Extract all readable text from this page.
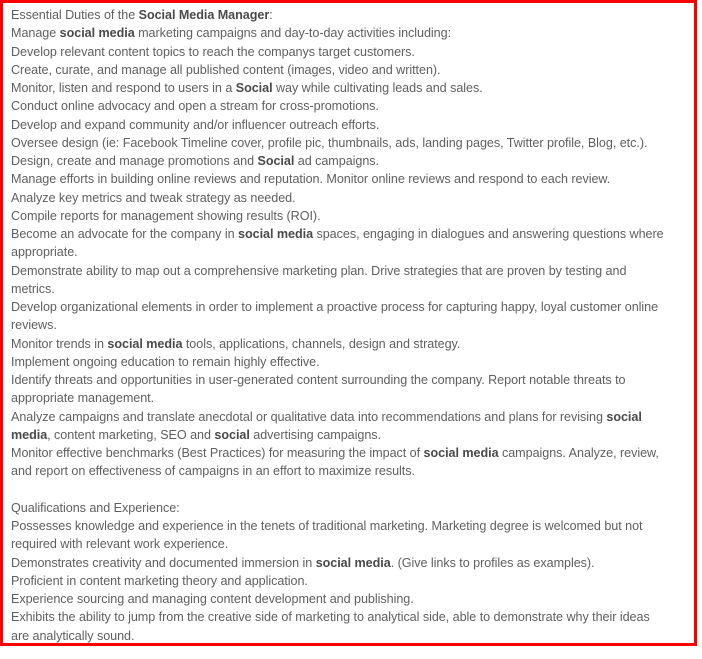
Essential Duties of the Social Media Manager:
Manage social media marketing campaigns and day-to-day activities including:
Develop relevant content topics to reach the companys target customers.
Create, curate, and manage all published content (images, video and written).
Monitor, listen and respond to users in a Social way while cultivating leads and sales.
Conduct online advocacy and open a stream for cross-promotions.
Develop and expand community and/or influencer outreach efforts.
Oversee design (ie: Facebook Timeline cover, profile pic, thumbnails, ads, landing pages, Twitter profile, Blog, etc.).
Design, create and manage promotions and Social ad campaigns.
Manage efforts in building online reviews and reputation. Monitor online reviews and respond to each review.
Analyze key metrics and tweak strategy as needed.
Compile reports for management showing results (ROI).
Become an advocate for the company in social media spaces, engaging in dialogues and answering questions where
appropriate.
Demonstrate ability to map out a comprehensive marketing plan. Drive strategies that are proven by testing and
metrics.
Develop organizational elements in order to implement a proactive process for capturing happy, loyal customer online
reviews.
Monitor trends in social media tools, applications, channels, design and strategy.
Implement ongoing education to remain highly effective.
Identify threats and opportunities in user-generated content surrounding the company. Report notable threats to
appropriate management.
Analyze campaigns and translate anecdotal or qualitative data into recommendations and plans for revising social
media, content marketing, SEO and social advertising campaigns.
Monitor effective benchmarks (Best Practices) for measuring the impact of social media campaigns. Analyze, review,
and report on effectiveness of campaigns in an effort to maximize results.
Qualifications and Experience:
Possesses knowledge and experience in the tenets of traditional marketing. Marketing degree is welcomed but not
required with relevant work experience.
Demonstrates creativity and documented immersion in social media. (Give links to profiles as examples).
Proficient in content marketing theory and application.
Experience sourcing and managing content development and publishing.
Exhibits the ability to jump from the creative side of marketing to analytical side, able to demonstrate why their ideas
are analytically sound.
